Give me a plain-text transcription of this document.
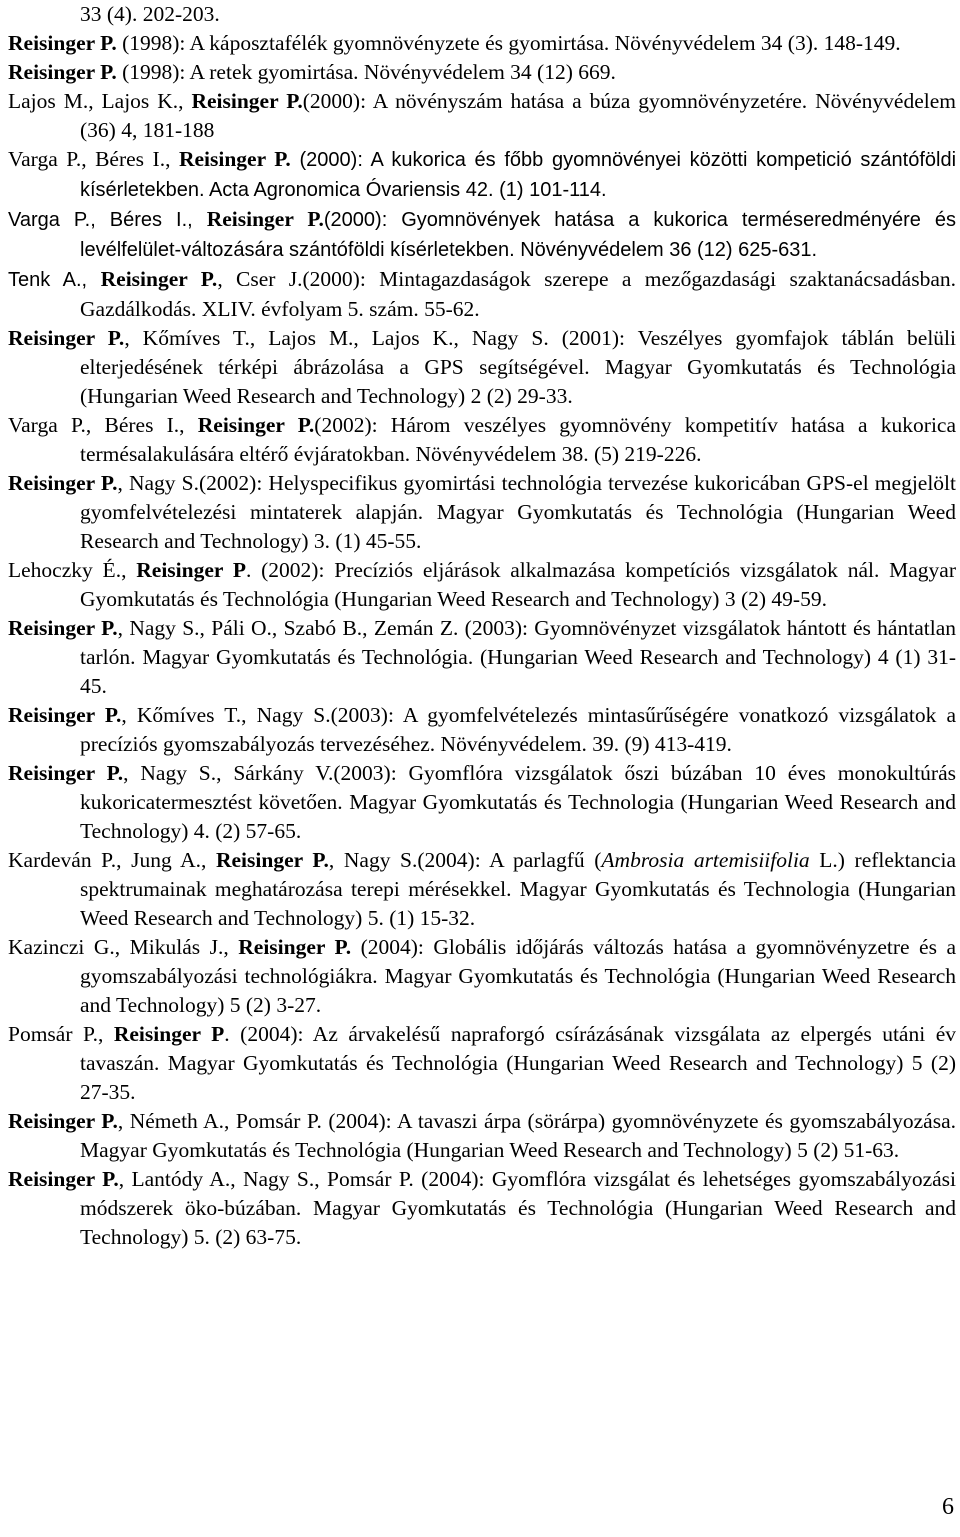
33 (4). 202-203.

Reisinger P. (1998): A káposztafélék gyomnövényzete és gyomirtása. Növényvédelem 34 (3). 148-149.

Reisinger P. (1998): A retek gyomirtása. Növényvédelem 34 (12) 669.

Lajos M., Lajos K., Reisinger P.(2000): A növényszám hatása a búza gyomnövényzetére. Növényvédelem (36) 4, 181-188

Varga P., Béres I., Reisinger P. (2000): A kukorica és főbb gyomnövényei közötti kompetició szántóföldi kísérletekben. Acta Agronomica Óvariensis 42. (1) 101-114.

Varga P., Béres I., Reisinger P.(2000): Gyomnövények hatása a kukorica terméseredményére és levélfelület-változására szántóföldi kísérletekben. Növényvédelem 36 (12) 625-631.

Tenk A., Reisinger P., Cser J.(2000): Mintagazdaságok szerepe a mezőgazdasági szaktanácsadásban. Gazdálkodás. XLIV. évfolyam 5. szám. 55-62.

Reisinger P., Kőmíves T., Lajos M., Lajos K., Nagy S. (2001): Veszélyes gyomfajok táblán belüli elterjedésének térképi ábrázolása a GPS segítségével. Magyar Gyomkutatás és Technológia (Hungarian Weed Research and Technology) 2 (2) 29-33.

Varga P., Béres I., Reisinger P.(2002): Három veszélyes gyomnövény kompetitív hatása a kukorica termésalakulására eltérő évjáratokban. Növényvédelem 38. (5) 219-226.

Reisinger P., Nagy S.(2002): Helyspecifikus gyomirtási technológia tervezése kukoricában GPS-el megjelölt gyomfelvételezési mintaterek alapján. Magyar Gyomkutatás és Technológia (Hungarian Weed Research and Technology) 3. (1) 45-55.

Lehoczky É., Reisinger P. (2002): Precíziós eljárások alkalmazása kompetíciós vizsgálatok nál. Magyar Gyomkutatás és Technológia (Hungarian Weed Research and Technology) 3 (2) 49-59.

Reisinger P., Nagy S., Páli O., Szabó B., Zemán Z. (2003): Gyomnövényzet vizsgálatok hántott és hántatlan tarlón. Magyar Gyomkutatás és Technológia. (Hungarian Weed Research and Technology) 4 (1) 31-45.

Reisinger P., Kőmíves T., Nagy S.(2003): A gyomfelvételezés mintasűrűségére vonatkozó vizsgálatok a precíziós gyomszabályozás tervezéséhez. Növényvédelem. 39. (9) 413-419.

Reisinger P., Nagy S., Sárkány V.(2003): Gyomflóra vizsgálatok őszi búzában 10 éves monokultúrás kukoricatermesztést követően. Magyar Gyomkutatás és Technologia (Hungarian Weed Research and Technology) 4. (2) 57-65.

Kardeván P., Jung A., Reisinger P., Nagy S.(2004): A parlagfű (Ambrosia artemisiifolia L.) reflektancia spektrumainak meghatározása terepi mérésekkel. Magyar Gyomkutatás és Technologia (Hungarian Weed Research and Technology) 5. (1) 15-32.

Kazinczi G., Mikulás J., Reisinger P. (2004): Globális időjárás változás hatása a gyomnövényzetre és a gyomszabályozási technológiákra. Magyar Gyomkutatás és Technológia (Hungarian Weed Research and Technology) 5 (2) 3-27.

Pomsár P., Reisinger P. (2004): Az árvakelésű napraforgó csírázásának vizsgálata az elpergés utáni év tavaszán. Magyar Gyomkutatás és Technológia (Hungarian Weed Research and Technology) 5 (2) 27-35.

Reisinger P., Németh A., Pomsár P. (2004): A tavaszi árpa (sörárpa) gyomnövényzete és gyomszabályozása. Magyar Gyomkutatás és Technológia (Hungarian Weed Research and Technology) 5 (2) 51-63.

Reisinger P., Lantódy A., Nagy S., Pomsár P. (2004): Gyomflóra vizsgálat és lehetséges gyomszabályozási módszerek öko-búzában. Magyar Gyomkutatás és Technológia (Hungarian Weed Research and Technology) 5. (2) 63-75.

6
